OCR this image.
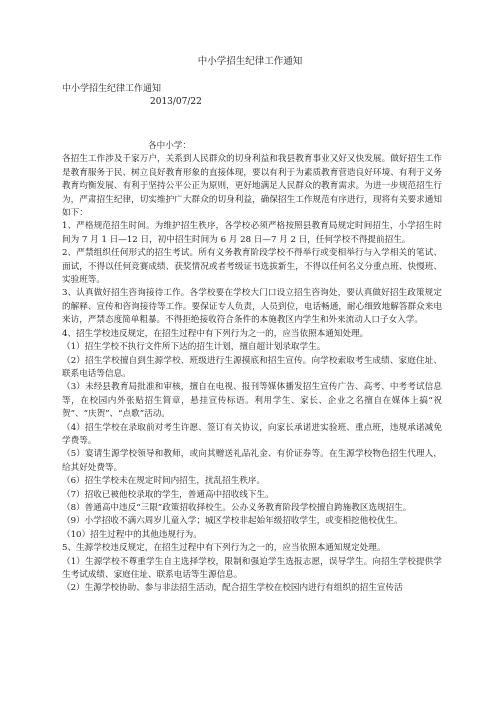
中小学招生纪律工作通知

中小学招生纪律工作通知

2013/07/22

各中小学：

各招生工作涉及千家万户，关系到人民群众的切身利益和我县教育事业又好又快发展。做好招生工作是教育服务于民、树立良好教育形象的直接体现，要以有利于为素质教育营造良好环境、有利于义务教育均衡发展、有利于坚持公平公正为原则，更好地满足人民群众的教育需求。为进一步规范招生行为，严肃招生纪律，切实维护广大群众的切身利益，确保招生工作规范有序进行，现将有关要求通知如下：

1、严格规范招生时间。为维护招生秩序，各学校必须严格按照县教育局规定时间招生，小学招生时间为 7 月 1 日—12 日，初中招生时间为 6 月 28 日—7 月 2 日，任何学校不得提前招生。

2、严禁组织任何形式的招生考试。所有义务教育阶段学校不得举行或变相举行与入学相关的笔试、面试，不得以任何竞赛成绩、获奖情况或者考级证书选拔新生，不得以任何名义分重点班、快慢班、实验班等。

3、认真做好招生咨询接待工作。各学校要在学校大门口设立招生咨询处，要认真做好招生政策规定的解释、宣传和咨询接待等工作。要保证专人负责，人员到位，电话畅通，耐心细致地解答群众来电来访，严禁态度简单粗暴。不得拒绝接收符合条件的本施教区内学生和外来流动人口子女入学。

4、招生学校违反规定，在招生过程中有下列行为之一的，应当依照本通知处理。

（1）招生学校不执行文件所下达的招生计划，擅自超计划录取学生。

（2）招生学校擅自到生源学校、班级进行生源摸底和招生宣传。向学校索取考生成绩、家庭住址、联系电话等信息。

（3）未经县教育局批准和审核，擅自在电视、报刊等媒体播发招生宣传广告、高考、中考考试信息等，在校园内外张贴招生简章，悬挂宣传标语。利用学生、家长、企业之名擅自在媒体上搞“祝贺”、“庆贺”、“点歌”活动。

（4）招生学校在录取前对考生许愿、签订有关协议，向家长承诺进实验班、重点班，违规承诺减免学费等。

（5）宴请生源学校领导和教师，或向其赠送礼品礼金、有价证券等。在生源学校物色招生代理人，给其好处费等。

（6）招生学校未在规定时间内招生，扰乱招生秩序。

（7）招收已被他校录取的学生，普通高中招收线下生。

（8）普通高中违反“三限”政策招收择校生。公办义务教育阶段学校擅自跨施教区选规招生。

（9）小学招收不满六周岁儿童入学；城区学校非起始年级招收学生，或变相挖他校优生。

（10）招生过程中的其他违规行为。

5、生源学校违反规定，在招生过程中有下列行为之一的，应当依照本通知规定处理。

（1）生源学校不尊重学生自主选择学校，限制和强迫学生选报志愿，误导学生。向招生学校提供学生考试成绩、家庭住址、联系电话等生源信息。

（2）生源学校协助、参与非法招生活动，配合招生学校在校园内进行有组织的招生宣传活
